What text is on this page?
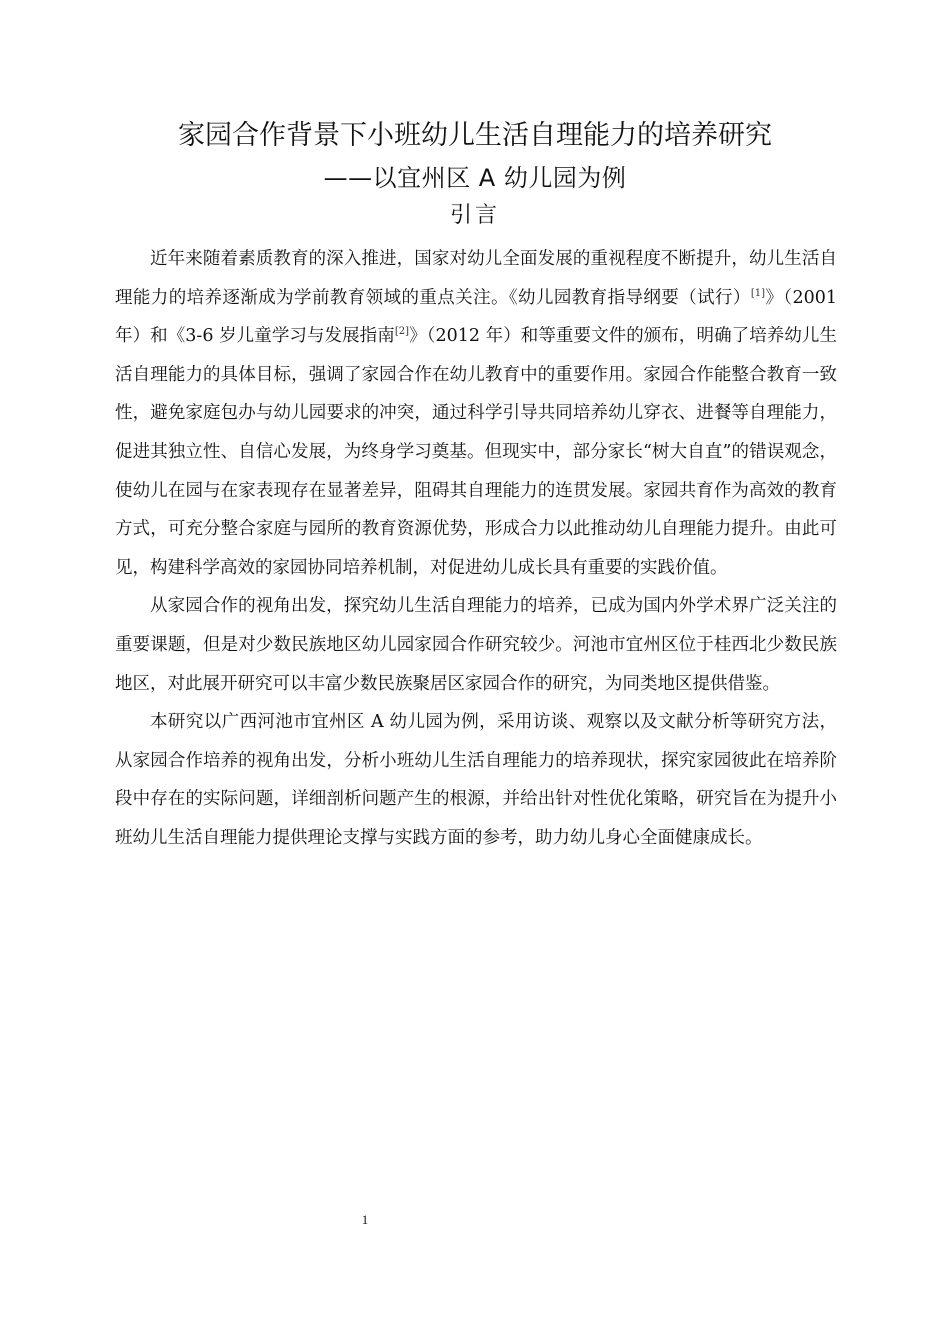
家园合作背景下小班幼儿生活自理能力的培养研究
——以宜州区 A 幼儿园为例
引言

近年来随着素质教育的深入推进，国家对幼儿全面发展的重视程度不断提升，幼儿生活自理能力的培养逐渐成为学前教育领域的重点关注。《幼儿园教育指导纲要（试行）[1]》（2001 年）和《3-6 岁儿童学习与发展指南[2]》（2012 年）和等重要文件的颁布，明确了培养幼儿生活自理能力的具体目标，强调了家园合作在幼儿教育中的重要作用。家园合作能整合教育一致性，避免家庭包办与幼儿园要求的冲突，通过科学引导共同培养幼儿穿衣、进餐等自理能力，促进其独立性、自信心发展，为终身学习奠基。但现实中，部分家长“树大自直”的错误观念，使幼儿在园与在家表现存在显著差异，阻碍其自理能力的连贯发展。家园共育作为高效的教育方式，可充分整合家庭与园所的教育资源优势，形成合力以此推动幼儿自理能力提升。由此可见，构建科学高效的家园协同培养机制，对促进幼儿成长具有重要的实践价值。

从家园合作的视角出发，探究幼儿生活自理能力的培养，已成为国内外学术界广泛关注的重要课题，但是对少数民族地区幼儿园家园合作研究较少。河池市宜州区位于桂西北少数民族地区，对此展开研究可以丰富少数民族聚居区家园合作的研究，为同类地区提供借鉴。

本研究以广西河池市宜州区 A 幼儿园为例，采用访谈、观察以及文献分析等研究方法，从家园合作培养的视角出发，分析小班幼儿生活自理能力的培养现状，探究家园彼此在培养阶段中存在的实际问题，详细剖析问题产生的根源，并给出针对性优化策略，研究旨在为提升小班幼儿生活自理能力提供理论支撑与实践方面的参考，助力幼儿身心全面健康成长。

1
